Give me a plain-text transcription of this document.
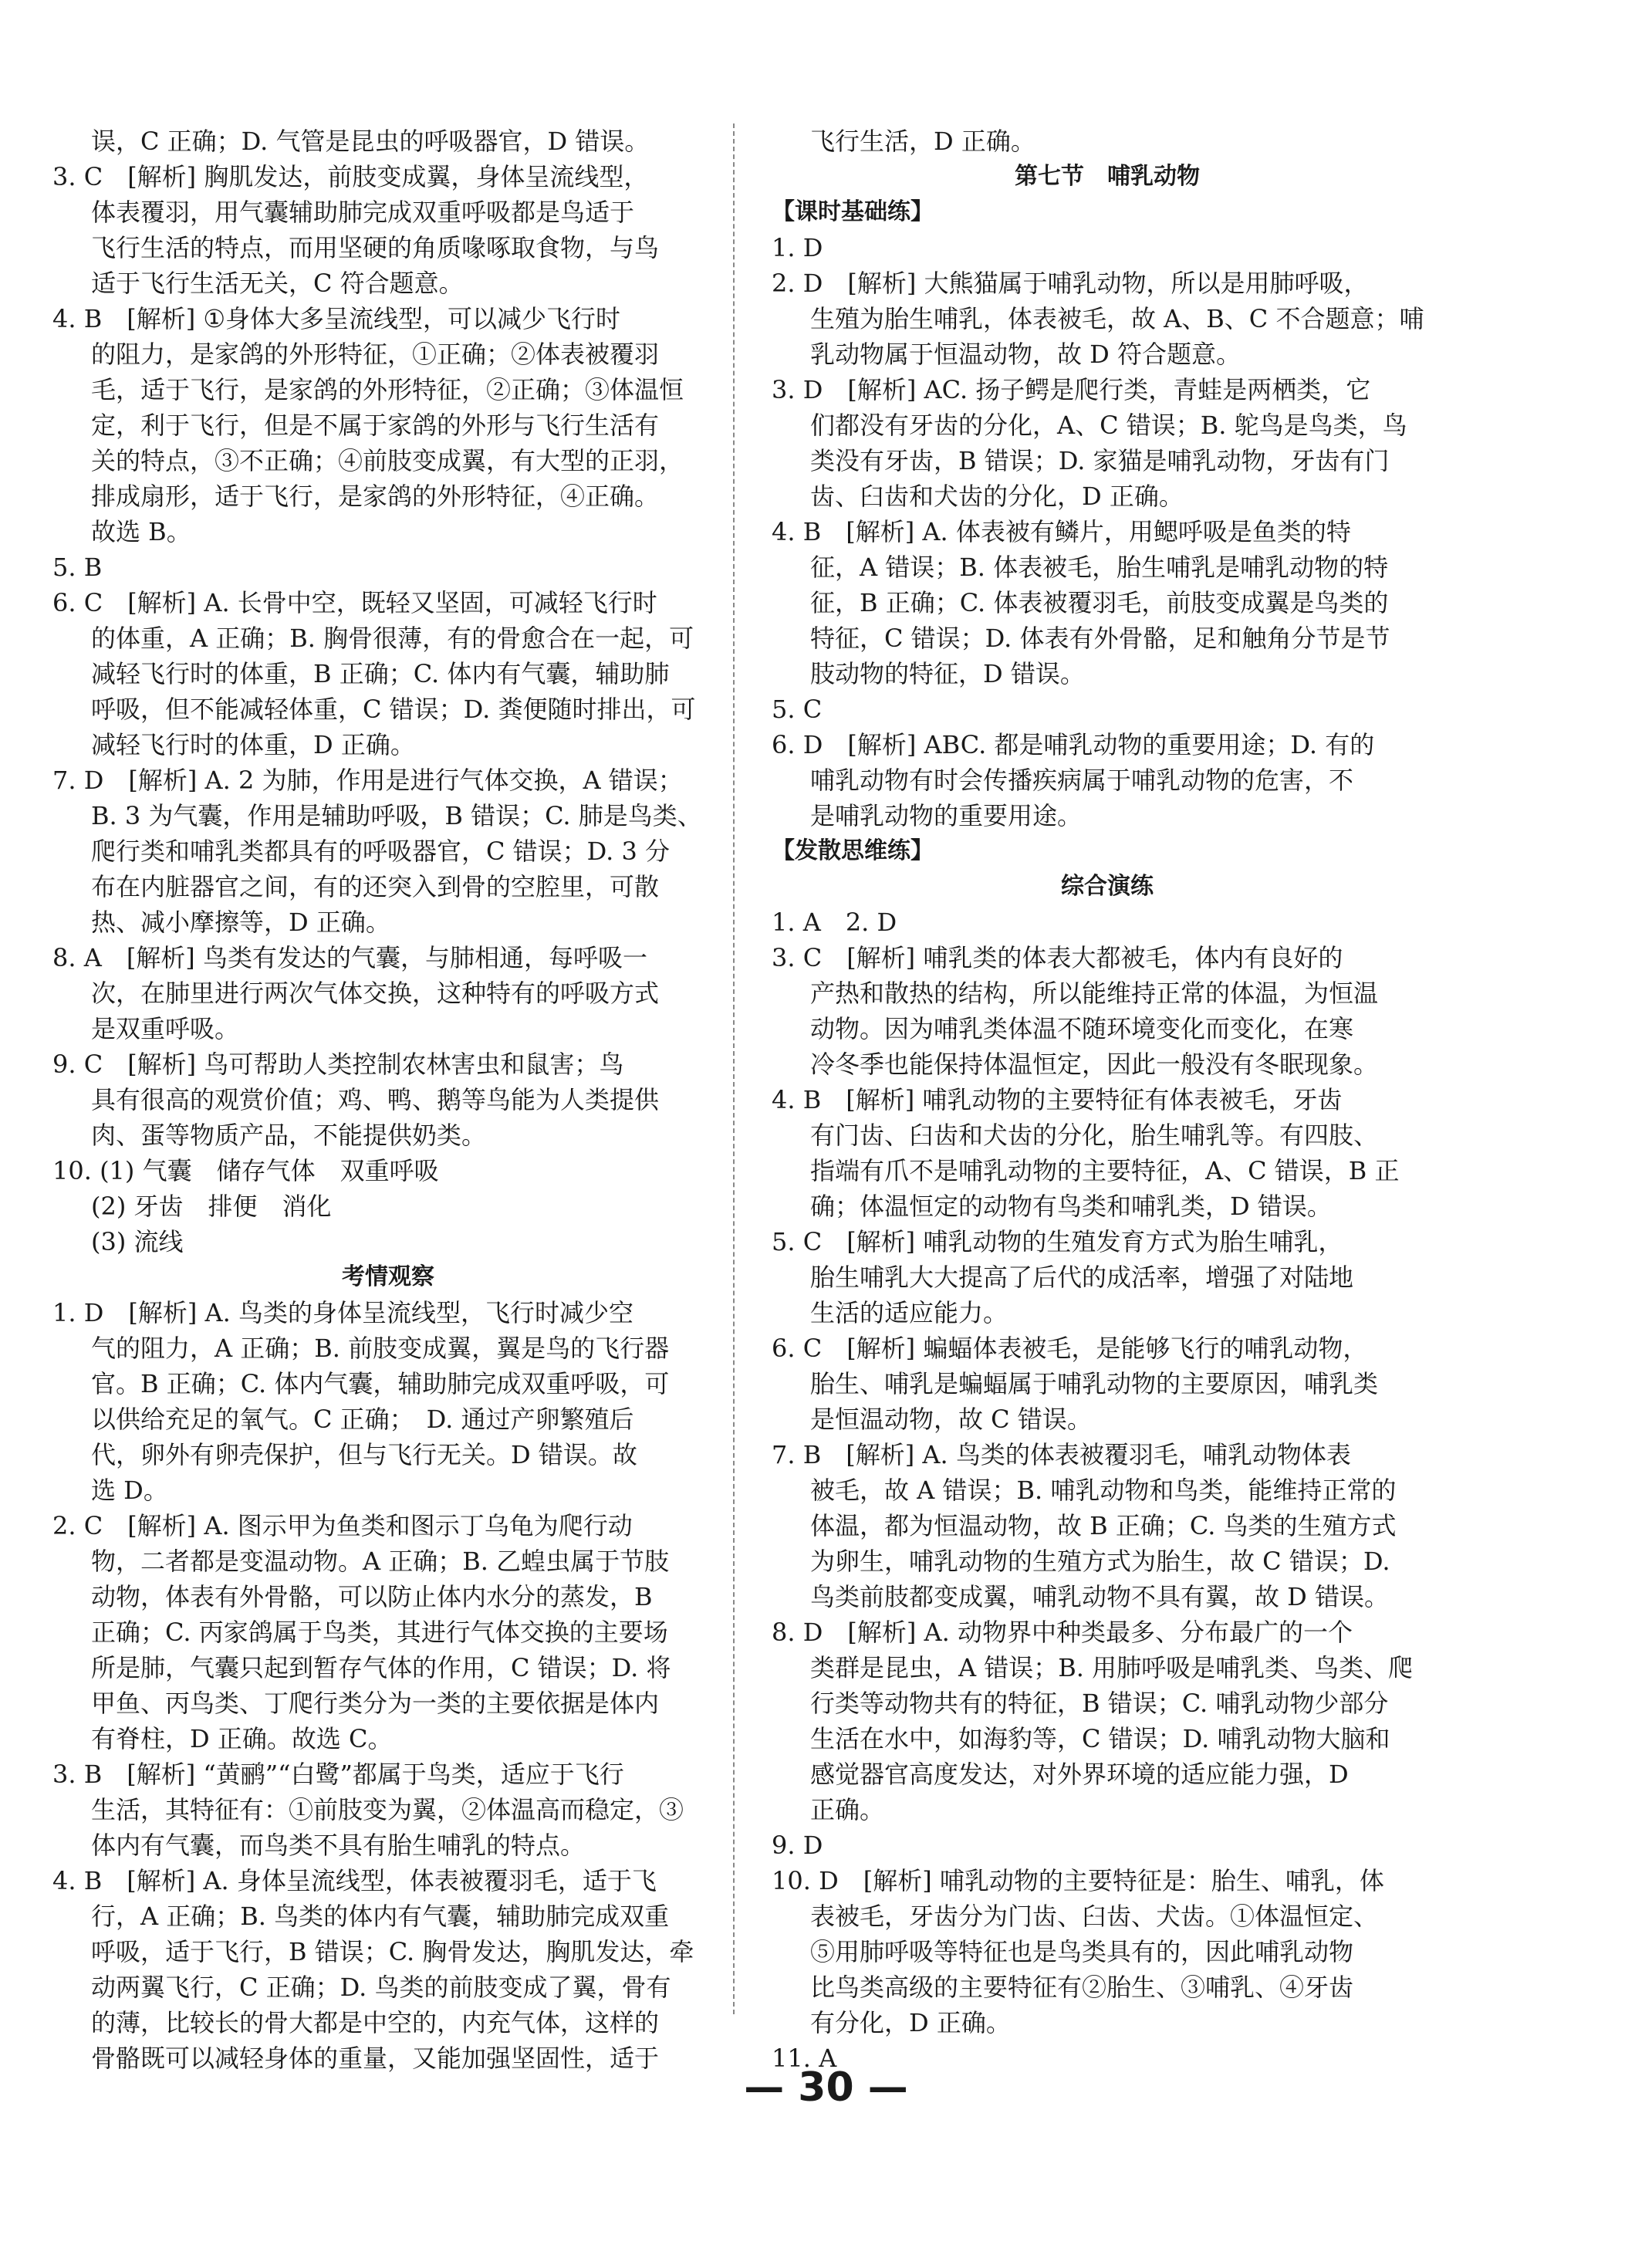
误，C 正确；D. 气管是昆虫的呼吸器官，D 错误。
3. C　[解析] 胸肌发达，前肢变成翼，身体呈流线型，
体表覆羽，用气囊辅助肺完成双重呼吸都是鸟适于
飞行生活的特点，而用坚硬的角质喙啄取食物，与鸟
适于飞行生活无关，C 符合题意。
4. B　[解析] ①身体大多呈流线型，可以减少飞行时
的阻力，是家鸽的外形特征，①正确；②体表被覆羽
毛，适于飞行，是家鸽的外形特征，②正确；③体温恒
定，利于飞行，但是不属于家鸽的外形与飞行生活有
关的特点，③不正确；④前肢变成翼，有大型的正羽，
排成扇形，适于飞行，是家鸽的外形特征，④正确。
故选 B。
5. B
6. C　[解析] A. 长骨中空，既轻又坚固，可减轻飞行时
的体重，A 正确；B. 胸骨很薄，有的骨愈合在一起，可
减轻飞行时的体重，B 正确；C. 体内有气囊，辅助肺
呼吸，但不能减轻体重，C 错误；D. 粪便随时排出，可
减轻飞行时的体重，D 正确。
7. D　[解析] A. 2 为肺，作用是进行气体交换，A 错误；
B. 3 为气囊，作用是辅助呼吸，B 错误；C. 肺是鸟类、
爬行类和哺乳类都具有的呼吸器官，C 错误；D. 3 分
布在内脏器官之间，有的还突入到骨的空腔里，可散
热、减小摩擦等，D 正确。
8. A　[解析] 鸟类有发达的气囊，与肺相通，每呼吸一
次，在肺里进行两次气体交换，这种特有的呼吸方式
是双重呼吸。
9. C　[解析] 鸟可帮助人类控制农林害虫和鼠害；鸟
具有很高的观赏价值；鸡、鸭、鹅等鸟能为人类提供
肉、蛋等物质产品，不能提供奶类。
10. (1) 气囊　储存气体　双重呼吸
(2) 牙齿　排便　消化
(3) 流线
考情观察
1. D　[解析] A. 鸟类的身体呈流线型，飞行时减少空
气的阻力，A 正确；B. 前肢变成翼，翼是鸟的飞行器
官。B 正确；C. 体内气囊，辅助肺完成双重呼吸，可
以供给充足的氧气。C 正确；　D. 通过产卵繁殖后
代，卵外有卵壳保护，但与飞行无关。D 错误。故
选 D。
2. C　[解析] A. 图示甲为鱼类和图示丁乌龟为爬行动
物，二者都是变温动物。A 正确；B. 乙蝗虫属于节肢
动物，体表有外骨骼，可以防止体内水分的蒸发，B
正确；C. 丙家鸽属于鸟类，其进行气体交换的主要场
所是肺，气囊只起到暂存气体的作用，C 错误；D. 将
甲鱼、丙鸟类、丁爬行类分为一类的主要依据是体内
有脊柱，D 正确。故选 C。
3. B　[解析] “黄鹂”“白鹭”都属于鸟类，适应于飞行
生活，其特征有：①前肢变为翼，②体温高而稳定，③
体内有气囊，而鸟类不具有胎生哺乳的特点。
4. B　[解析] A. 身体呈流线型，体表被覆羽毛，适于飞
行，A 正确；B. 鸟类的体内有气囊，辅助肺完成双重
呼吸，适于飞行，B 错误；C. 胸骨发达，胸肌发达，牵
动两翼飞行，C 正确；D. 鸟类的前肢变成了翼，骨有
的薄，比较长的骨大都是中空的，内充气体，这样的
骨骼既可以减轻身体的重量，又能加强坚固性，适于
飞行生活，D 正确。
第七节　哺乳动物
【课时基础练】
1. D
2. D　[解析] 大熊猫属于哺乳动物，所以是用肺呼吸，
生殖为胎生哺乳，体表被毛，故 A、B、C 不合题意；哺
乳动物属于恒温动物，故 D 符合题意。
3. D　[解析] AC. 扬子鳄是爬行类，青蛙是两栖类，它
们都没有牙齿的分化，A、C 错误；B. 鸵鸟是鸟类，鸟
类没有牙齿，B 错误；D. 家猫是哺乳动物，牙齿有门
齿、臼齿和犬齿的分化，D 正确。
4. B　[解析] A. 体表被有鳞片，用鳃呼吸是鱼类的特
征，A 错误；B. 体表被毛，胎生哺乳是哺乳动物的特
征，B 正确；C. 体表被覆羽毛，前肢变成翼是鸟类的
特征，C 错误；D. 体表有外骨骼，足和触角分节是节
肢动物的特征，D 错误。
5. C
6. D　[解析] ABC. 都是哺乳动物的重要用途；D. 有的
哺乳动物有时会传播疾病属于哺乳动物的危害，不
是哺乳动物的重要用途。
【发散思维练】
综合演练
1. A　2. D
3. C　[解析] 哺乳类的体表大都被毛，体内有良好的
产热和散热的结构，所以能维持正常的体温，为恒温
动物。因为哺乳类体温不随环境变化而变化，在寒
冷冬季也能保持体温恒定，因此一般没有冬眠现象。
4. B　[解析] 哺乳动物的主要特征有体表被毛，牙齿
有门齿、臼齿和犬齿的分化，胎生哺乳等。有四肢、
指端有爪不是哺乳动物的主要特征，A、C 错误，B 正
确；体温恒定的动物有鸟类和哺乳类，D 错误。
5. C　[解析] 哺乳动物的生殖发育方式为胎生哺乳，
胎生哺乳大大提高了后代的成活率，增强了对陆地
生活的适应能力。
6. C　[解析] 蝙蝠体表被毛，是能够飞行的哺乳动物，
胎生、哺乳是蝙蝠属于哺乳动物的主要原因，哺乳类
是恒温动物，故 C 错误。
7. B　[解析] A. 鸟类的体表被覆羽毛，哺乳动物体表
被毛，故 A 错误；B. 哺乳动物和鸟类，能维持正常的
体温，都为恒温动物，故 B 正确；C. 鸟类的生殖方式
为卵生，哺乳动物的生殖方式为胎生，故 C 错误；D.
鸟类前肢都变成翼，哺乳动物不具有翼，故 D 错误。
8. D　[解析] A. 动物界中种类最多、分布最广的一个
类群是昆虫，A 错误；B. 用肺呼吸是哺乳类、鸟类、爬
行类等动物共有的特征，B 错误；C. 哺乳动物少部分
生活在水中，如海豹等，C 错误；D. 哺乳动物大脑和
感觉器官高度发达，对外界环境的适应能力强，D
正确。
9. D
10. D　[解析] 哺乳动物的主要特征是：胎生、哺乳，体
表被毛，牙齿分为门齿、臼齿、犬齿。①体温恒定、
⑤用肺呼吸等特征也是鸟类具有的，因此哺乳动物
比鸟类高级的主要特征有②胎生、③哺乳、④牙齿
有分化，D 正确。
11. A
— 30 —
